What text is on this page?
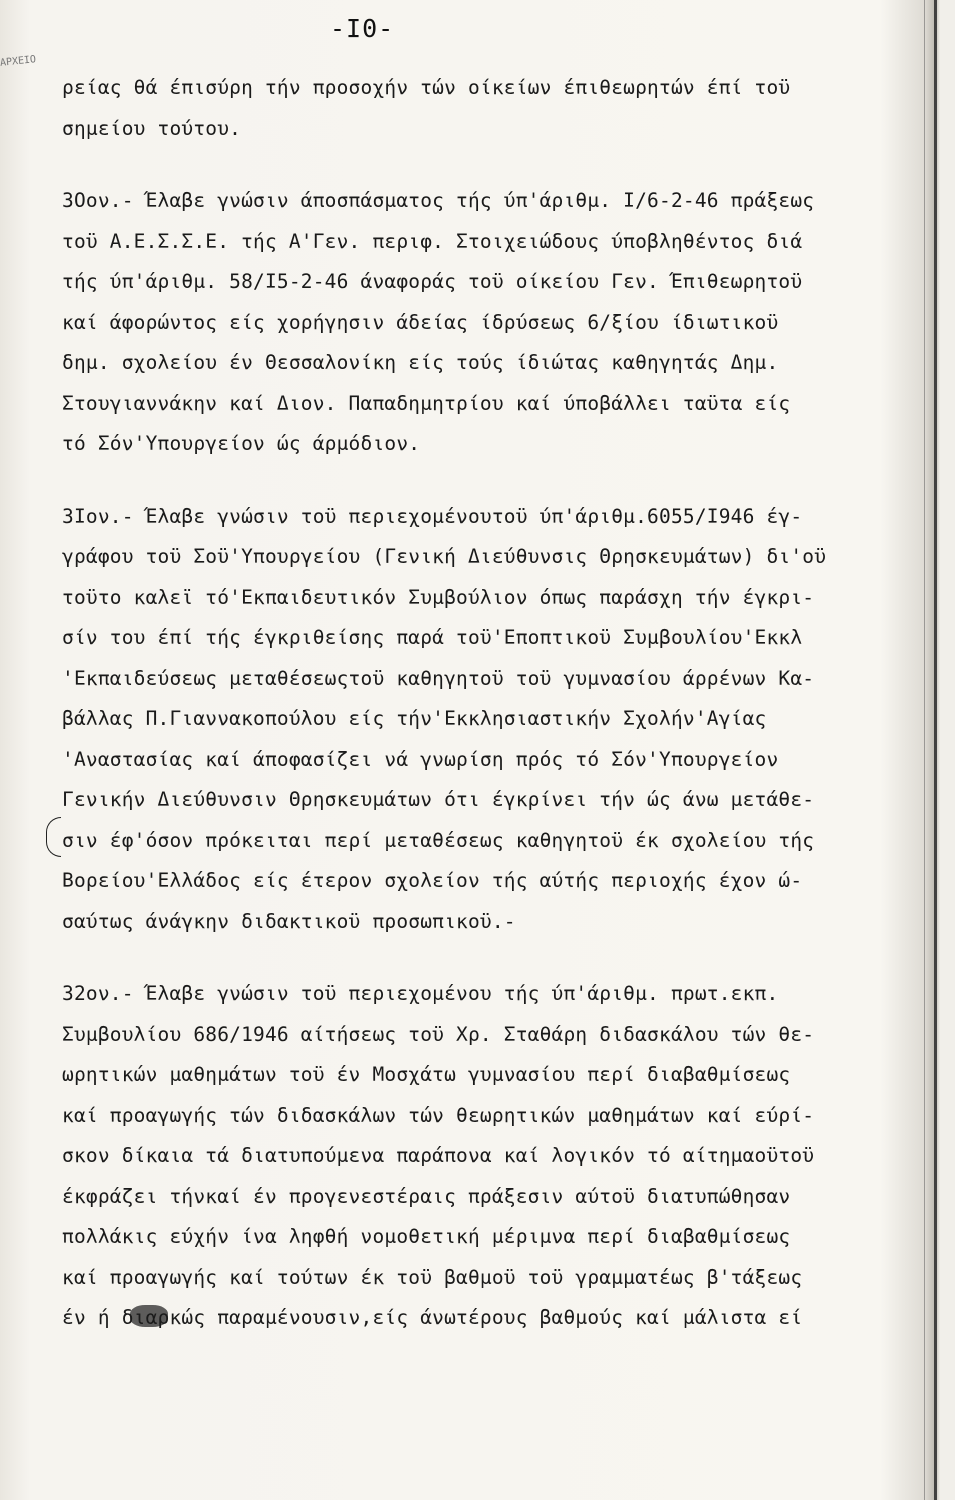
ΑΡΧΕΙΟ
-Ι0-
ρείας θά έπισύρη τήν προσοχήν τών οίκείων έπιθεωρητών έπί τοϋ
σημείου τούτου.
3Οον.- Έλαβε γνώσιν άποσπάσματος τής ύπ'άριθμ. Ι/6-2-46 πράξεως
τοϋ Α.Ε.Σ.Σ.Ε. τής Α'Γεν. περιφ. Στοιχειώδους ύποβληθέντος διά
τής ύπ'άριθμ. 58/Ι5-2-46 άναφοράς τοϋ οίκείου Γεν. Έπιθεωρητοϋ
καί άφορώντος είς χορήγησιν άδείας ίδρύσεως 6/ξίου ίδιωτικοϋ
δημ. σχολείου έν Θεσσαλονίκη είς τούς ίδιώτας καθηγητάς Δημ.
Στουγιαννάκην καί Διον. Παπαδημητρίου καί ύποβάλλει ταϋτα είς
τό Σόν'Υπουργείον ώς άρμόδιον.
3Ιον.- Έλαβε γνώσιν τοϋ περιεχομένουτοϋ ύπ'άριθμ.6055/Ι946 έγ-
γράφου τοϋ Σοϋ'Υπουργείου (Γενική Διεύθυνσις Θρησκευμάτων) δι'οϋ
τοϋτο καλεϊ τό'Εκπαιδευτικόν Συμβούλιον όπως παράσχη τήν έγκρι-
σίν του έπί τής έγκριθείσης παρά τοϋ'Εποπτικοϋ Συμβουλίου'Εκκλ
'Εκπαιδεύσεως μεταθέσεωςτοϋ καθηγητοϋ τοϋ γυμνασίου άρρένων Κα-
βάλλας Π.Γιαννακοπούλου είς τήν'Εκκλησιαστικήν Σχολήν'Αγίας
'Αναστασίας καί άποφασίζει νά γνωρίση πρός τό Σόν'Υπουργείον
Γενικήν Διεύθυνσιν Θρησκευμάτων ότι έγκρίνει τήν ώς άνω μετάθε-
σιν έφ'όσον πρόκειται περί μεταθέσεως καθηγητοϋ έκ σχολείου τής
Βορείου'Ελλάδος είς έτερον σχολείον τής αύτής περιοχής έχον ώ-
σαύτως άνάγκην διδακτικοϋ προσωπικοϋ.-
32ον.- Έλαβε γνώσιν τοϋ περιεχομένου τής ύπ'άριθμ. πρωτ.εκπ.
Συμβουλίου 686/1946 αίτήσεως τοϋ Χρ. Σταθάρη διδασκάλου τών θε-
ωρητικών μαθημάτων τοϋ έν Μοσχάτω γυμνασίου περί διαβαθμίσεως
καί προαγωγής τών διδασκάλων τών θεωρητικών μαθημάτων καί εύρί-
σκον δίκαια τά διατυπούμενα παράπονα καί λογικόν τό αίτημαοϋτοϋ
έκφράζει τήνκαί έν προγενεστέραις πράξεσιν αύτοϋ διατυπώθησαν
πολλάκις εύχήν ίνα ληφθή νομοθετική μέριμνα περί διαβαθμίσεως
καί προαγωγής καί τούτων έκ τοϋ βαθμοϋ τοϋ γραμματέως β'τάξεως
έν ή διαρκώς παραμένουσιν,είς άνωτέρους βαθμούς καί μάλιστα εί
